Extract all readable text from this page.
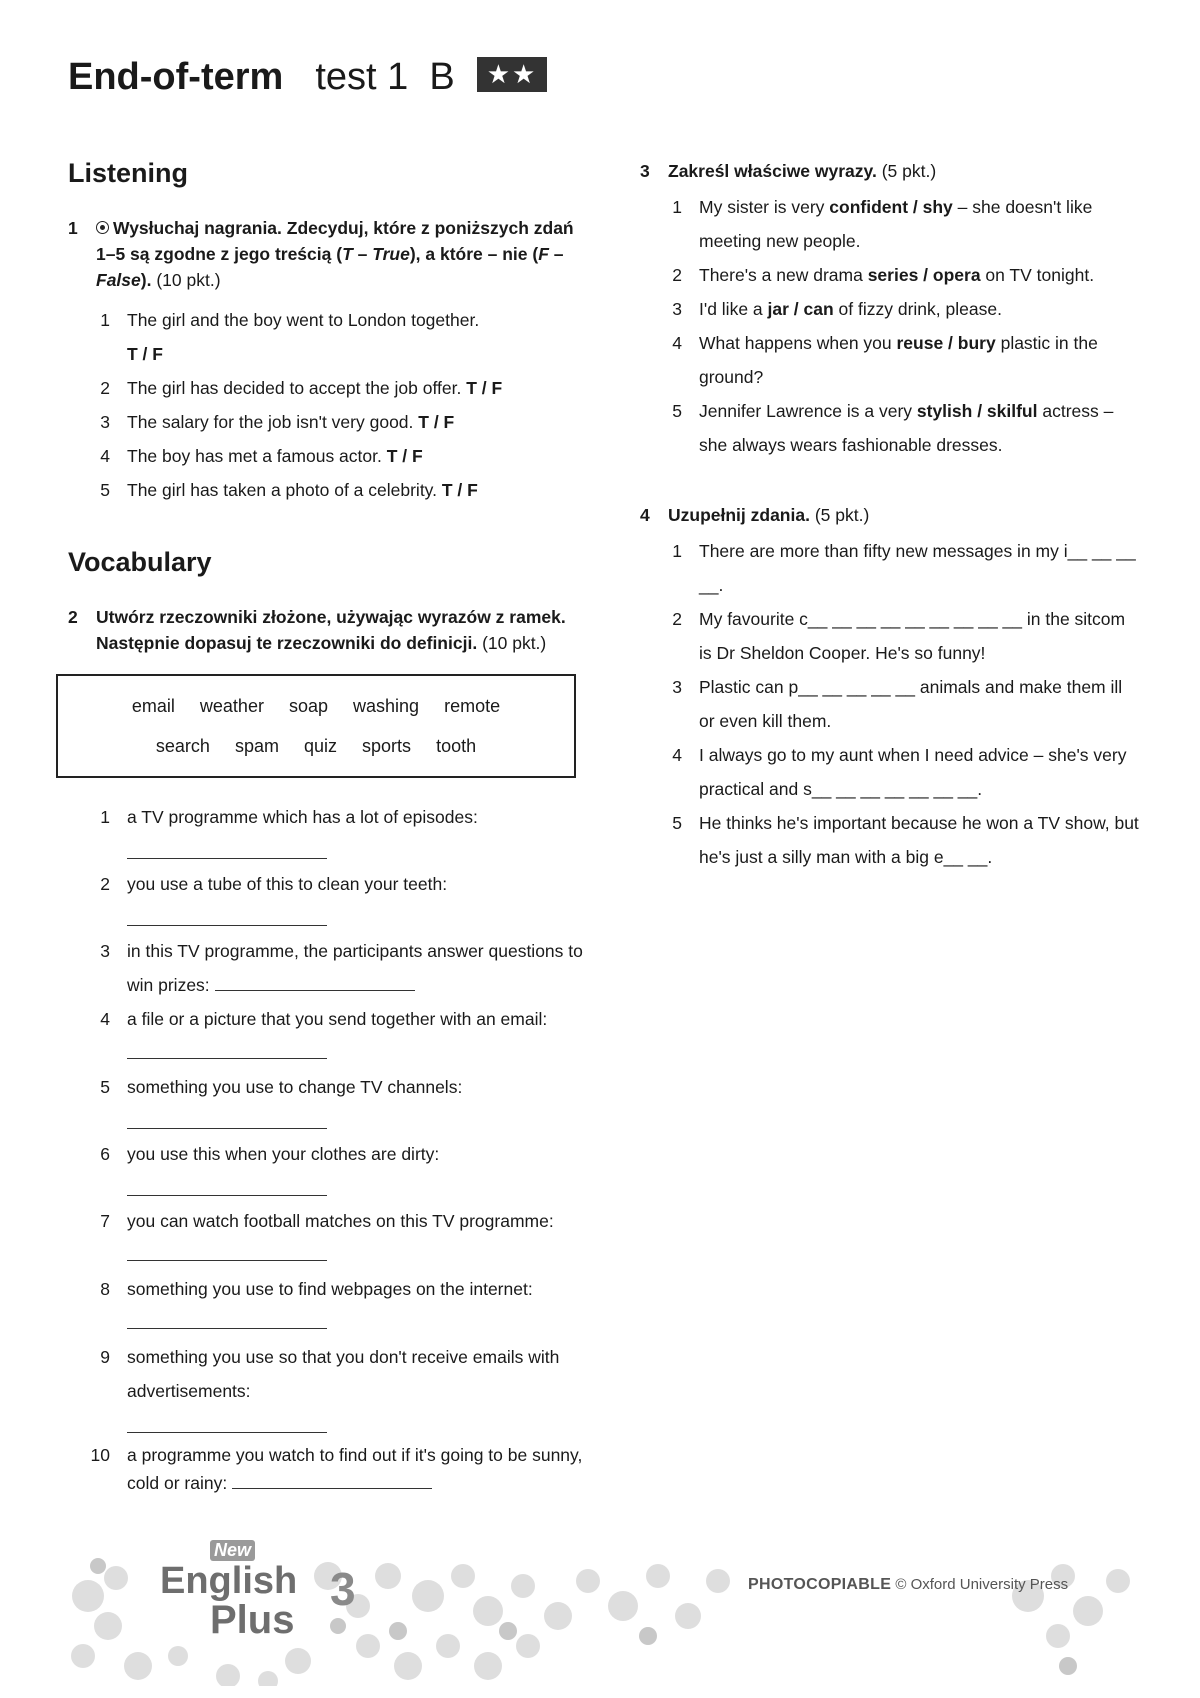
End-of-term test 1  B ★★
Listening
1 Wysłuchaj nagrania. Zdecyduj, które z poniższych zdań 1–5 są zgodne z jego treścią (T – True), a które – nie (F – False). (10 pkt.)
1 The girl and the boy went to London together.
T / F
2 The girl has decided to accept the job offer. T / F
3 The salary for the job isn't very good. T / F
4 The boy has met a famous actor. T / F
5 The girl has taken a photo of a celebrity. T / F
Vocabulary
2 Utwórz rzeczowniki złożone, używając wyrazów z ramek. Następnie dopasuj te rzeczowniki do definicji. (10 pkt.)
email weather soap washing remote
search spam quiz sports tooth
1 a TV programme which has a lot of episodes:
2 you use a tube of this to clean your teeth:
3 in this TV programme, the participants answer questions to win prizes:
4 a file or a picture that you send together with an email:
5 something you use to change TV channels:
6 you use this when your clothes are dirty:
7 you can watch football matches on this TV programme:
8 something you use to find webpages on the internet:
9 something you use so that you don't receive emails with advertisements:
10 a programme you watch to find out if it's going to be sunny, cold or rainy:
3 Zakreśl właściwe wyrazy. (5 pkt.)
1 My sister is very confident / shy – she doesn't like meeting new people.
2 There's a new drama series / opera on TV tonight.
3 I'd like a jar / can of fizzy drink, please.
4 What happens when you reuse / bury plastic in the ground?
5 Jennifer Lawrence is a very stylish / skilful actress – she always wears fashionable dresses.
4 Uzupełnij zdania. (5 pkt.)
1 There are more than fifty new messages in my i__ __ __ __.
2 My favourite c__ __ __ __ __ __ __ __ __ in the sitcom is Dr Sheldon Cooper. He's so funny!
3 Plastic can p__ __ __ __ __ animals and make them ill or even kill them.
4 I always go to my aunt when I need advice – she's very practical and s__ __ __ __ __ __ __.
5 He thinks he's important because he won a TV show, but he's just a silly man with a big e__ __.
New
English
Plus
3	PHOTOCOPIABLE © Oxford University Press
